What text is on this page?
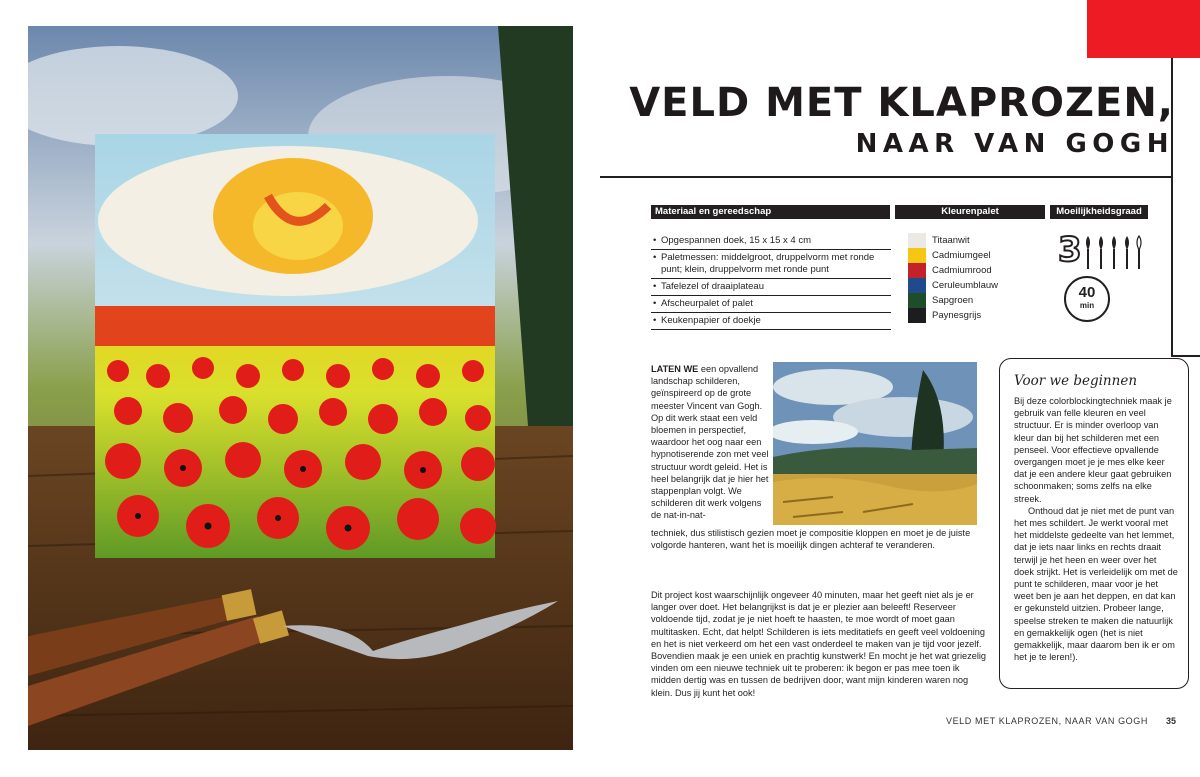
VELD MET KLAPROZEN,
NAAR VAN GOGH
Materiaal en gereedschap	Kleurenpalet	Moeilijkheidsgraad
• Opgespannen doek, 15 x 15 x 4 cm
• Paletmessen: middelgroot, druppelvorm met ronde punt; klein, druppelvorm met ronde punt
• Tafelezel of draaiplateau
• Afscheurpalet of palet
• Keukenpapier of doekje
Titaanwit
Cadmiumgeel
Cadmiumrood
Ceruleumblauw
Sapgroen
Paynesgrijs
3
40
min
LATEN WE een opvallend landschap schilderen, geïnspireerd op de grote meester Vincent van Gogh. Op dit werk staat een veld bloemen in perspectief, waardoor het oog naar een hypnotiserende zon met veel structuur wordt geleid. Het is heel belangrijk dat je hier het stappenplan volgt. We schilderen dit werk volgens de nat-in-nat-

techniek, dus stilistisch gezien moet je compositie kloppen en moet je de juiste volgorde hanteren, want het is moeilijk dingen achteraf te veranderen.

Dit project kost waarschijnlijk ongeveer 40 minuten, maar het geeft niet als je er langer over doet. Het belangrijkst is dat je er plezier aan beleeft! Reserveer voldoende tijd, zodat je je niet hoeft te haasten, te moe wordt of moet gaan multitasken. Echt, dat helpt! Schilderen is iets meditatiefs en geeft veel voldoening en het is niet verkeerd om het een vast onderdeel te maken van je tijd voor jezelf. Bovendien maak je een uniek en prachtig kunstwerk! En mocht je het wat griezelig vinden om een nieuwe techniek uit te proberen: ik begon er pas mee toen ik midden dertig was en tussen de bedrijven door, want mijn kinderen waren nog klein. Dus jij kunt het ook!

Voor we beginnen

Bij deze colorblockingtechniek maak je gebruik van felle kleuren en veel structuur. Er is minder overloop van kleur dan bij het schilderen met een penseel. Voor effectieve opvallende overgangen moet je je mes elke keer dat je een andere kleur gaat gebruiken schoonmaken; soms zelfs na elke streek.

Onthoud dat je niet met de punt van het mes schildert. Je werkt vooral met het middelste gedeelte van het lemmet, dat je iets naar links en rechts draait terwijl je het heen en weer over het doek strijkt. Het is verleidelijk om met de punt te schilderen, maar voor je het weet ben je aan het deppen, en dat kan er gekunsteld uitzien. Probeer lange, speelse streken te maken die natuurlijk en gemakkelijk ogen (het is niet gemakkelijk, maar daarom ben ik er om het je te leren!).

VELD MET KLAPROZEN, NAAR VAN GOGH 35
